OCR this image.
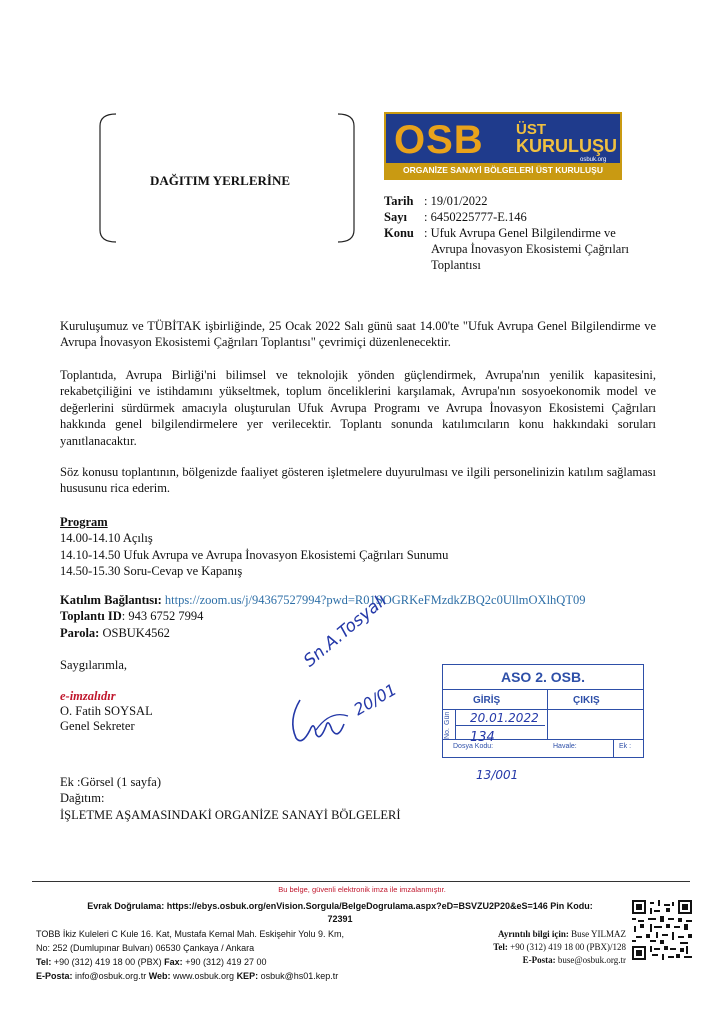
DAĞITIM YERLERİNE
OSB ÜST
KURULUŞU
osbuk.org
ORGANİZE SANAYİ BÖLGELERİ ÜST KURULUŞU
Tarih : 19/01/2022
Sayı	: 6450225777-E.146
Konu : Ufuk Avrupa Genel Bilgilendirme ve
Avrupa İnovasyon Ekosistemi Çağrıları
Toplantısı
Kuruluşumuz ve TÜBİTAK işbirliğinde, 25 Ocak 2022 Salı günü saat 14.00'te "Ufuk Avrupa Genel Bilgilendirme ve Avrupa İnovasyon Ekosistemi Çağrıları Toplantısı" çevrimiçi düzenlenecektir.
Toplantıda, Avrupa Birliği'ni bilimsel ve teknolojik yönden güçlendirmek, Avrupa'nın yenilik kapasitesini, rekabetçiliğini ve istihdamını yükseltmek, toplum önceliklerini karşılamak, Avrupa'nın sosyoekonomik model ve değerlerini sürdürmek amacıyla oluşturulan Ufuk Avrupa Programı ve Avrupa İnovasyon Ekosistemi Çağrıları hakkında genel bilgilendirmelere yer verilecektir. Toplantı sonunda katılımcıların konu hakkındaki soruları yanıtlanacaktır.
Söz konusu toplantının, bölgenizde faaliyet gösteren işletmelere duyurulması ve ilgili personelinizin katılım sağlaması hususunu rica ederim.
Program
14.00-14.10 Açılış
14.10-14.50 Ufuk Avrupa ve Avrupa İnovasyon Ekosistemi Çağrıları Sunumu
14.50-15.30 Soru-Cevap ve Kapanış
Katılım Bağlantısı: https://zoom.us/j/94367527994?pwd=R01SOGRKeFMzdkZBQ2c0UllmOXlhQT09
Toplantı ID: 943 6752 7994
Parola: OSBUK4562
Saygılarımla,
e-imzalıdır
O. Fatih SOYSAL
Genel Sekreter
Sn.A.Tosyalı
20/01
ASO 2. OSB.
GİRİŞ	ÇIKIŞ
Gün
No.
Dosya Kodu:	Havale:	Ek :
20.01.2022
134
13/001
Ek :Görsel (1 sayfa)
Dağıtım:
İŞLETME AŞAMASINDAKİ ORGANİZE SANAYİ BÖLGELERİ
Bu belge, güvenli elektronik imza ile imzalanmıştır.
Evrak Doğrulama: https://ebys.osbuk.org/enVision.Sorgula/BelgeDogrulama.aspx?eD=BSVZU2P20&eS=146 Pin Kodu:
72391
TOBB İkiz Kuleleri C Kule 16. Kat, Mustafa Kemal Mah. Eskişehir Yolu 9. Km,
No: 252 (Dumlupınar Bulvarı) 06530 Çankaya / Ankara
Tel: +90 (312) 419 18 00 (PBX) Fax: +90 (312) 419 27 00
E-Posta: info@osbuk.org.tr Web: www.osbuk.org KEP: osbuk@hs01.kep.tr
Ayrıntılı bilgi için: Buse YILMAZ
Tel: +90 (312) 419 18 00 (PBX)/128
E-Posta: buse@osbuk.org.tr
